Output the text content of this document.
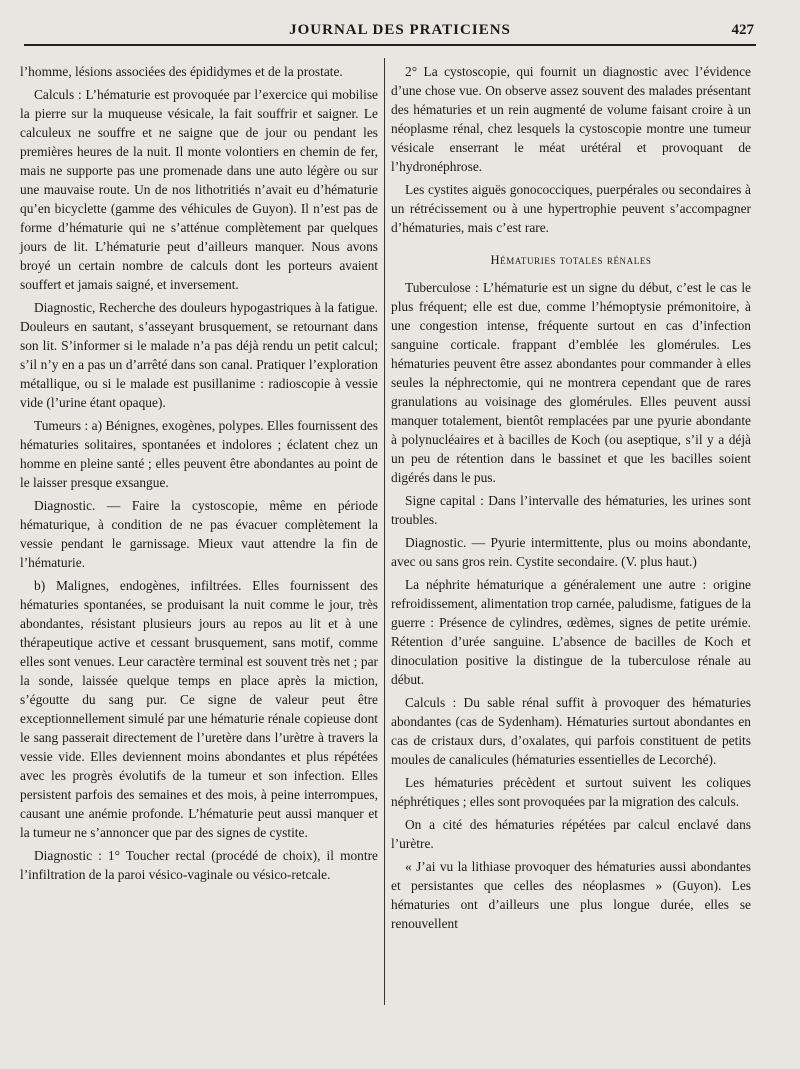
JOURNAL DES PRATICIENS	427

l’homme, lésions associées des épididymes et de la prostate.

Calculs : L’hématurie est provoquée par l’exercice qui mobilise la pierre sur la muqueuse vésicale, la fait souffrir et saigner. Le calculeux ne souffre et ne saigne que de jour ou pendant les premières heures de la nuit. Il monte volontiers en chemin de fer, mais ne supporte pas une promenade dans une auto légère ou sur une mauvaise route. Un de nos lithotritiés n’avait eu d’hématurie qu’en bicyclette (gamme des véhicules de Guyon). Il n’est pas de forme d’hématurie qui ne s’atténue complètement par quelques jours de lit. L’hématurie peut d’ailleurs manquer. Nous avons broyé un certain nombre de calculs dont les porteurs avaient souffert et jamais saigné, et inversement.

Diagnostic, Recherche des douleurs hypogastriques à la fatigue. Douleurs en sautant, s’asseyant brusquement, se retournant dans son lit. S’informer si le malade n’a pas déjà rendu un petit calcul; s’il n’y en a pas un d’arrêté dans son canal. Pratiquer l’exploration métallique, ou si le malade est pusillanime : radioscopie à vessie vide (l’urine étant opaque).

Tumeurs : a) Bénignes, exogènes, polypes. Elles fournissent des hématuries solitaires, spontanées et indolores ; éclatent chez un homme en pleine santé ; elles peuvent être abondantes au point de le laisser presque exsangue.

Diagnostic. — Faire la cystoscopie, même en période hématurique, à condition de ne pas évacuer complètement la vessie pendant le garnissage. Mieux vaut attendre la fin de l’hématurie.

b) Malignes, endogènes, infiltrées. Elles fournissent des hématuries spontanées, se produisant la nuit comme le jour, très abondantes, résistant plusieurs jours au repos au lit et à une thérapeutique active et cessant brusquement, sans motif, comme elles sont venues. Leur caractère terminal est souvent très net ; par la sonde, laissée quelque temps en place après la miction, s’égoutte du sang pur. Ce signe de valeur peut être exceptionnellement simulé par une hématurie rénale copieuse dont le sang passerait directement de l’uretère dans l’urètre à travers la vessie vide. Elles deviennent moins abondantes et plus répétées avec les progrès évolutifs de la tumeur et son infection. Elles persistent parfois des semaines et des mois, à peine interrompues, causant une anémie profonde. L’hématurie peut aussi manquer et la tumeur ne s’annoncer que par des signes de cystite.

Diagnostic : 1° Toucher rectal (procédé de choix), il montre l’infiltration de la paroi vésico-vaginale ou vésico-retcale.

2° La cystoscopie, qui fournit un diagnostic avec l’évidence d’une chose vue. On observe assez souvent des malades présentant des hématuries et un rein augmenté de volume faisant croire à un néoplasme rénal, chez lesquels la cystoscopie montre une tumeur vésicale enserrant le méat urétéral et provoquant de l’hydronéphrose.

Les cystites aiguës gonococciques, puerpérales ou secondaires à un rétrécissement ou à une hypertrophie peuvent s’accompagner d’hématuries, mais c’est rare.

Hématuries totales rénales

Tuberculose : L’hématurie est un signe du début, c’est le cas le plus fréquent; elle est due, comme l’hémoptysie prémonitoire, à une congestion intense, fréquente surtout en cas d’infection sanguine corticale. frappant d’emblée les glomérules. Les hématuries peuvent être assez abondantes pour commander à elles seules la néphrectomie, qui ne montrera cependant que de rares granulations au voisinage des glomérules. Elles peuvent aussi manquer totalement, bientôt remplacées par une pyurie abondante à polynucléaires et à bacilles de Koch (ou aseptique, s’il y a déjà un peu de rétention dans le bassinet et que les bacilles soient digérés dans le pus.

Signe capital : Dans l’intervalle des hématuries, les urines sont troubles.

Diagnostic. — Pyurie intermittente, plus ou moins abondante, avec ou sans gros rein. Cystite secondaire. (V. plus haut.)

La néphrite hématurique a généralement une autre : origine refroidissement, alimentation trop carnée, paludisme, fatigues de la guerre : Présence de cylindres, œdèmes, signes de petite urémie. Rétention d’urée sanguine. L’absence de bacilles de Koch et dinoculation positive la distingue de la tuberculose rénale au début.

Calculs : Du sable rénal suffit à provoquer des hématuries abondantes (cas de Sydenham). Hématuries surtout abondantes en cas de cristaux durs, d’oxalates, qui parfois constituent de petits moules de canalicules (hématuries essentielles de Lecorché).

Les hématuries précèdent et surtout suivent les coliques néphrétiques ; elles sont provoquées par la migration des calculs.

On a cité des hématuries répétées par calcul enclavé dans l’urètre.

« J’ai vu la lithiase provoquer des hématuries aussi abondantes et persistantes que celles des néoplasmes » (Guyon). Les hématuries ont d’ailleurs une plus longue durée, elles se renouvellent
